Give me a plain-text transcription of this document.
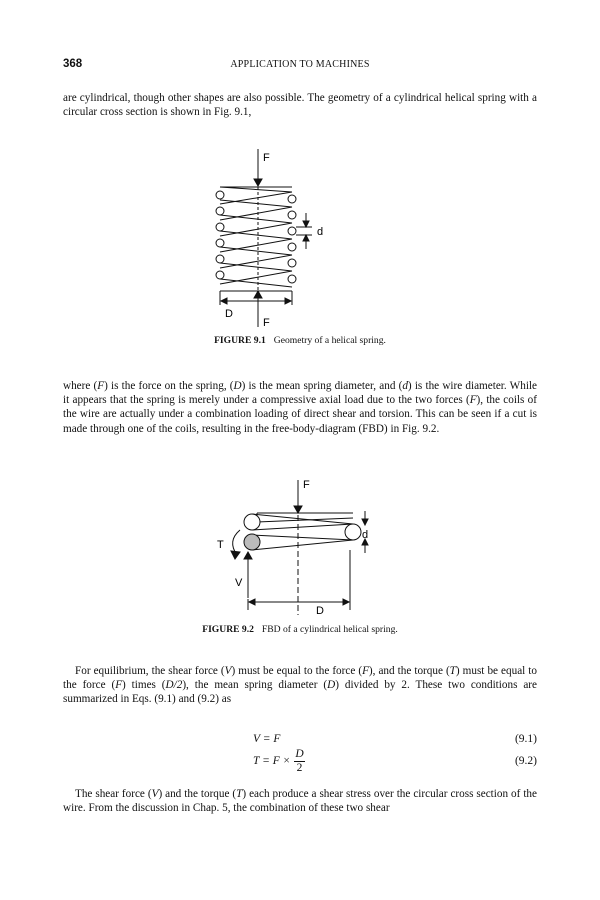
368	APPLICATION TO MACHINES

are cylindrical, though other shapes are also possible. The geometry of a cylindrical helical spring with a circular cross section is shown in Fig. 9.1,

F
d
D
F
FIGURE 9.1 Geometry of a helical spring.

where (F) is the force on the spring, (D) is the mean spring diameter, and (d) is the wire diameter. While it appears that the spring is merely under a compressive axial load due to the two forces (F), the coils of the wire are actually under a combination loading of direct shear and torsion. This can be seen if a cut is made through one of the coils, resulting in the free-body-diagram (FBD) in Fig. 9.2.

F
T
V
d
D
FIGURE 9.2 FBD of a cylindrical helical spring.

For equilibrium, the shear force (V) must be equal to the force (F), and the torque (T) must be equal to the force (F) times (D/2), the mean spring diameter (D) divided by 2. These two conditions are summarized in Eqs. (9.1) and (9.2) as

V = F	(9.1)
$T = F \times \frac{D}{2}$	(9.2)

The shear force (V) and the torque (T) each produce a shear stress over the circular cross section of the wire. From the discussion in Chap. 5, the combination of these two shear
